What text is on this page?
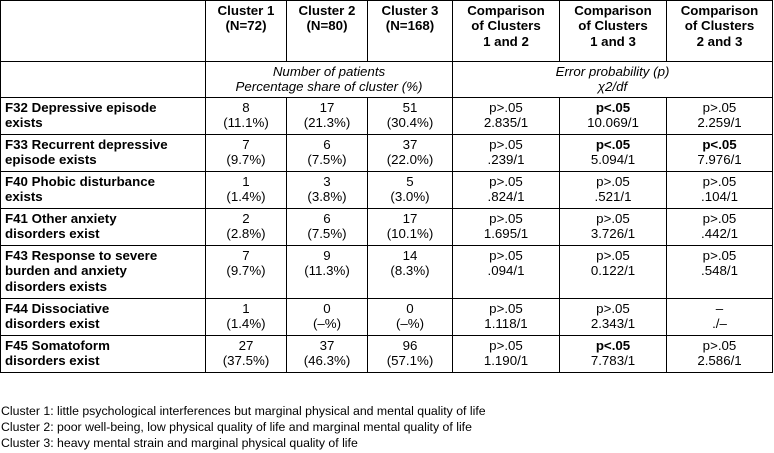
	Cluster 1
(N=72)	Cluster 2
(N=80)	Cluster 3
(N=168)	Comparison
of Clusters
1 and 2	Comparison
of Clusters
1 and 3	Comparison
of Clusters
2 and 3

	Number of patients
Percentage share of cluster (%)			Error probability (p)
χ2/df		

F32 Depressive episode
exists	8
(11.1%)	17
(21.3%)	51
(30.4%)	p>.05
2.835/1	p<.05
10.069/1	p>.05
2.259/1

F33 Recurrent depressive
episode exists	7
(9.7%)	6
(7.5%)	37
(22.0%)	p>.05
.239/1	p<.05
5.094/1	p<.05
7.976/1

F40 Phobic disturbance
exists	1
(1.4%)	3
(3.8%)	5
(3.0%)	p>.05
.824/1	p>.05
.521/1	p>.05
.104/1

F41 Other anxiety
disorders exist	2
(2.8%)	6
(7.5%)	17
(10.1%)	p>.05
1.695/1	p>.05
3.726/1	p>.05
.442/1

F43 Response to severe
burden and anxiety
disorders exists	7
(9.7%)	9
(11.3%)	14
(8.3%)	p>.05
.094/1	p>.05
0.122/1	p>.05
.548/1

F44 Dissociative
disorders exist	1
(1.4%)	0
(–%)	0
(–%)	p>.05
1.118/1	p>.05
2.343/1	–
./–

F45 Somatoform
disorders exist	27
(37.5%)	37
(46.3%)	96
(57.1%)	p>.05
1.190/1	p<.05
7.783/1	p>.05
2.586/1
Cluster 1: little psychological interferences but marginal physical and mental quality of life
Cluster 2: poor well-being, low physical quality of life and marginal mental quality of life
Cluster 3: heavy mental strain and marginal physical quality of life
